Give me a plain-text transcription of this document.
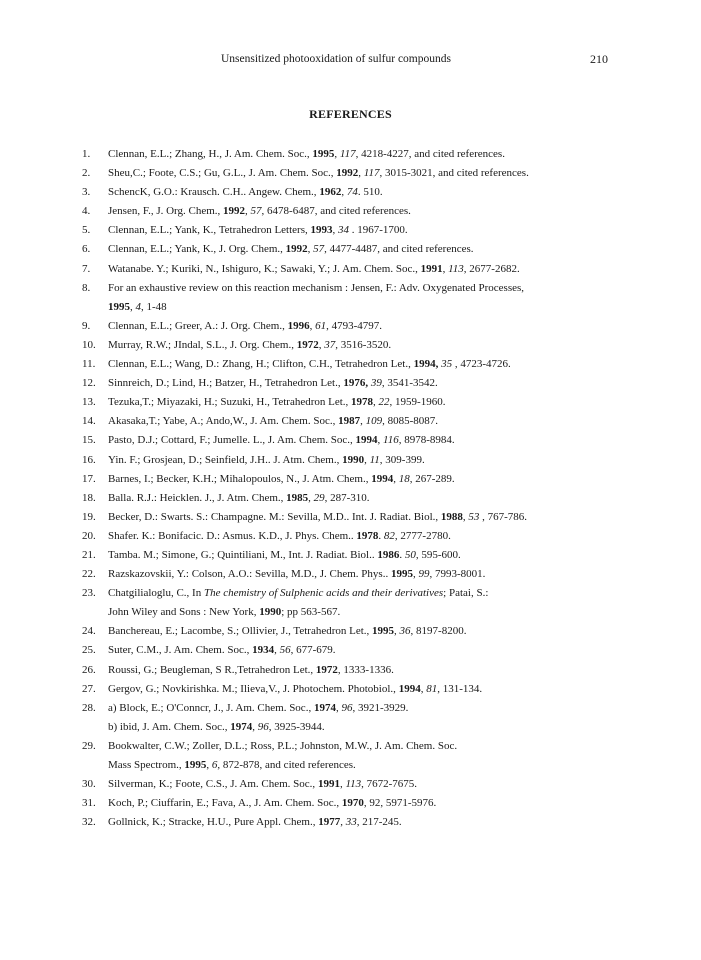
Unsensitized photooxidation of sulfur compounds	210
REFERENCES
1.	Clennan, E.L.; Zhang, H., J. Am. Chem. Soc., 1995, 117, 4218-4227, and cited references.
2.	Sheu,C.; Foote, C.S.; Gu, G.L., J. Am. Chem. Soc., 1992, 117, 3015-3021, and cited references.
3.	SchencK, G.O.: Krausch. C.H.. Angew. Chem., 1962, 74. 510.
4.	Jensen, F., J. Org. Chem., 1992, 57, 6478-6487, and cited references.
5.	Clennan, E.L.; Yank, K., Tetrahedron Letters, 1993, 34 . 1967-1700.
6.	Clennan, E.L.; Yank, K., J. Org. Chem., 1992, 57, 4477-4487, and cited references.
7.	Watanabe. Y.; Kuriki, N., Ishiguro, K.; Sawaki, Y.; J. Am. Chem. Soc., 1991, 113, 2677-2682.
8.	For an exhaustive review on this reaction mechanism : Jensen, F.: Adv. Oxygenated Processes,
1995, 4, 1-48
9.	Clennan, E.L.; Greer, A.: J. Org. Chem., 1996, 61, 4793-4797.
10.	Murray, R.W.; JIndal, S.L., J. Org. Chem., 1972, 37, 3516-3520.
11.	Clennan, E.L.; Wang, D.: Zhang, H.; Clifton, C.H., Tetrahedron Let., 1994, 35 , 4723-4726.
12.	Sinnreich, D.; Lind, H.; Batzer, H., Tetrahedron Let., 1976, 39, 3541-3542.
13.	Tezuka,T.; Miyazaki, H.; Suzuki, H., Tetrahedron Let., 1978, 22, 1959-1960.
14.	Akasaka,T.; Yabe, A.; Ando,W., J. Am. Chem. Soc., 1987, 109, 8085-8087.
15.	Pasto, D.J.; Cottard, F.; Jumelle. L., J. Am. Chem. Soc., 1994, 116, 8978-8984.
16.	Yin. F.; Grosjean, D.; Seinfield, J.H.. J. Atm. Chem., 1990, 11, 309-399.
17.	Barnes, I.; Becker, K.H.; Mihalopoulos, N., J. Atm. Chem., 1994, 18, 267-289.
18.	Balla. R.J.: Heicklen. J., J. Atm. Chem., 1985, 29, 287-310.
19.	Becker, D.: Swarts. S.: Champagne. M.: Sevilla, M.D.. Int. J. Radiat. Biol., 1988, 53 , 767-786.
20.	Shafer. K.: Bonifacic. D.: Asmus. K.D., J. Phys. Chem.. 1978. 82, 2777-2780.
21.	Tamba. M.; Simone, G.; Quintiliani, M., Int. J. Radiat. Biol.. 1986. 50, 595-600.
22.	Razskazovskii, Y.: Colson, A.O.: Sevilla, M.D., J. Chem. Phys.. 1995, 99, 7993-8001.
23.	Chatgilialoglu, C., In The chemistry of Sulphenic acids and their derivatives; Patai, S.:
John Wiley and Sons : New York, 1990; pp 563-567.
24.	Banchereau, E.; Lacombe, S.; Ollivier, J., Tetrahedron Let., 1995, 36, 8197-8200.
25.	Suter, C.M., J. Am. Chem. Soc., 1934, 56, 677-679.
26.	Roussi, G.; Beugleman, S R.,Tetrahedron Let., 1972, 1333-1336.
27.	Gergov, G.; Novkirishka. M.; Ilieva,V., J. Photochem. Photobiol., 1994, 81, 131-134.
28.	a) Block, E.; O'Conncr, J., J. Am. Chem. Soc., 1974, 96, 3921-3929.
b) ibid, J. Am. Chem. Soc., 1974, 96, 3925-3944.
29.	Bookwalter, C.W.; Zoller, D.L.; Ross, P.L.; Johnston, M.W., J. Am. Chem. Soc.
Mass Spectrom., 1995, 6, 872-878, and cited references.
30.	Silverman, K.; Foote, C.S., J. Am. Chem. Soc., 1991, 113, 7672-7675.
31.	Koch, P.; Ciuffarin, E.; Fava, A., J. Am. Chem. Soc., 1970, 92, 5971-5976.
32.	Gollnick, K.; Stracke, H.U., Pure Appl. Chem., 1977, 33, 217-245.
